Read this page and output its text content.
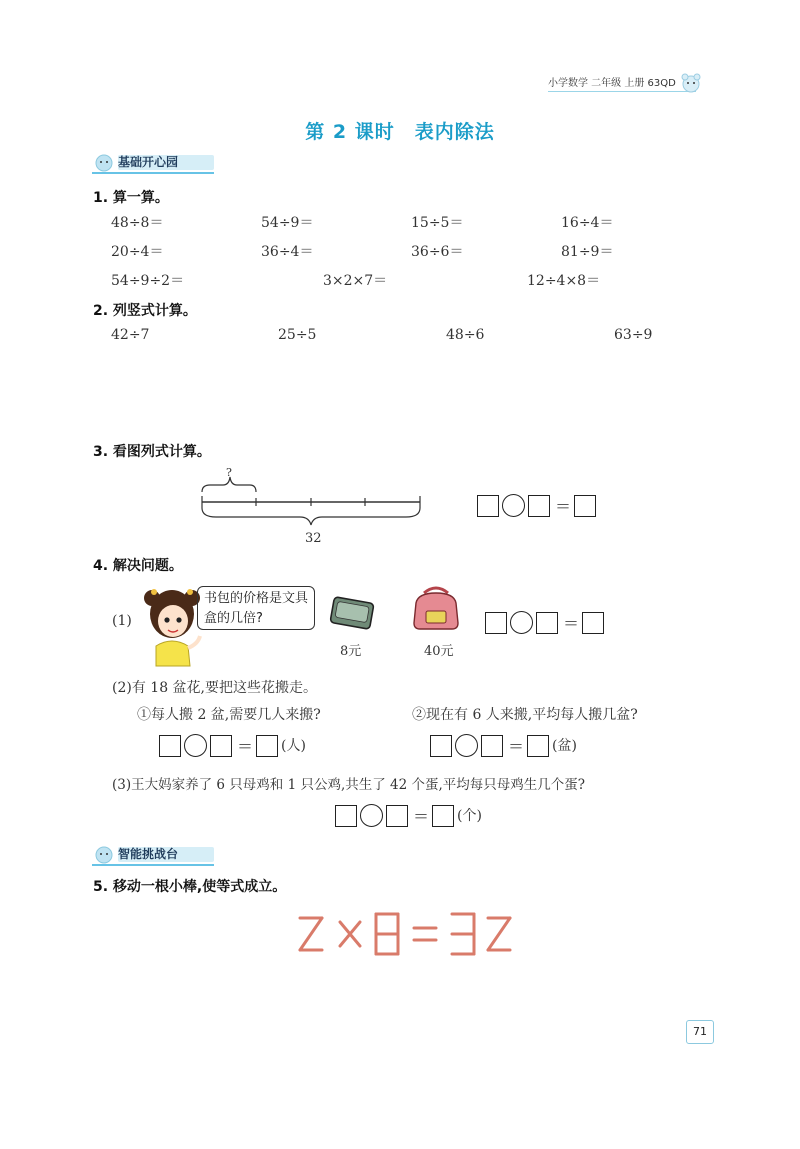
小学数学 二年级 上册 63QD
第 2 课时　表内除法
基础开心园
1. 算一算。
48÷8＝	54÷9＝	15÷5＝	16÷4＝
20÷4＝	36÷4＝	36÷6＝	81÷9＝
54÷9÷2＝	3×2×7＝	12÷4×8＝
2. 列竖式计算。
42÷7	25÷5	48÷6	63÷9
3. 看图列式计算。
?
32
＝
4. 解决问题。
(1)
书包的价格是文具盒的几倍?
8元	40元
＝
(2)有 18 盆花,要把这些花搬走。
①每人搬 2 盆,需要几人来搬?	②现在有 6 人来搬,平均每人搬几盆?
＝ (人)	＝ (盆)
(3)王大妈家养了 6 只母鸡和 1 只公鸡,共生了 42 个蛋,平均每只母鸡生几个蛋?
＝ (个)
智能挑战台
5. 移动一根小棒,使等式成立。
71
